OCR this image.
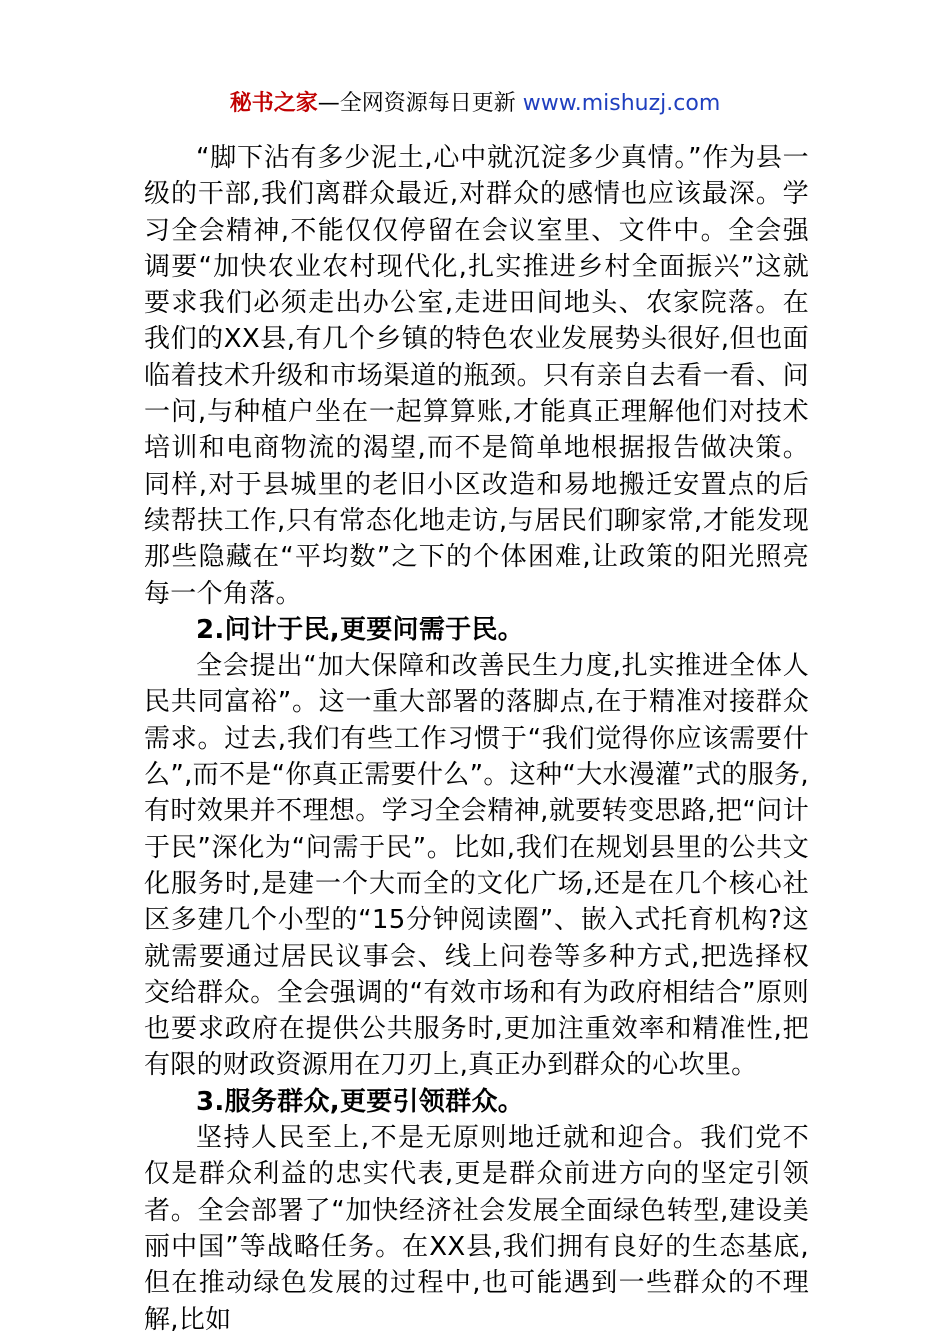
秘书之家—全网资源每日更新 www.mishuzj.com

“脚下沾有多少泥土,心中就沉淀多少真情。”作为县一级的干部,我们离群众最近,对群众的感情也应该最深。学习全会精神,不能仅仅停留在会议室里、文件中。全会强调要“加快农业农村现代化,扎实推进乡村全面振兴”这就要求我们必须走出办公室,走进田间地头、农家院落。在我们的XX县,有几个乡镇的特色农业发展势头很好,但也面临着技术升级和市场渠道的瓶颈。只有亲自去看一看、问一问,与种植户坐在一起算算账,才能真正理解他们对技术培训和电商物流的渴望,而不是简单地根据报告做决策。同样,对于县城里的老旧小区改造和易地搬迁安置点的后续帮扶工作,只有常态化地走访,与居民们聊家常,才能发现那些隐藏在“平均数”之下的个体困难,让政策的阳光照亮每一个角落。

2.问计于民,更要问需于民。

全会提出“加大保障和改善民生力度,扎实推进全体人民共同富裕”。这一重大部署的落脚点,在于精准对接群众需求。过去,我们有些工作习惯于“我们觉得你应该需要什么”,而不是“你真正需要什么”。这种“大水漫灌”式的服务,有时效果并不理想。学习全会精神,就要转变思路,把“问计于民”深化为“问需于民”。比如,我们在规划县里的公共文化服务时,是建一个大而全的文化广场,还是在几个核心社区多建几个小型的“15分钟阅读圈”、嵌入式托育机构?这就需要通过居民议事会、线上问卷等多种方式,把选择权交给群众。全会强调的“有效市场和有为政府相结合”原则也要求政府在提供公共服务时,更加注重效率和精准性,把有限的财政资源用在刀刃上,真正办到群众的心坎里。

3.服务群众,更要引领群众。

坚持人民至上,不是无原则地迁就和迎合。我们党不仅是群众利益的忠实代表,更是群众前进方向的坚定引领者。全会部署了“加快经济社会发展全面绿色转型,建设美丽中国”等战略任务。在XX县,我们拥有良好的生态基底,但在推动绿色发展的过程中,也可能遇到一些群众的不理解,比如
